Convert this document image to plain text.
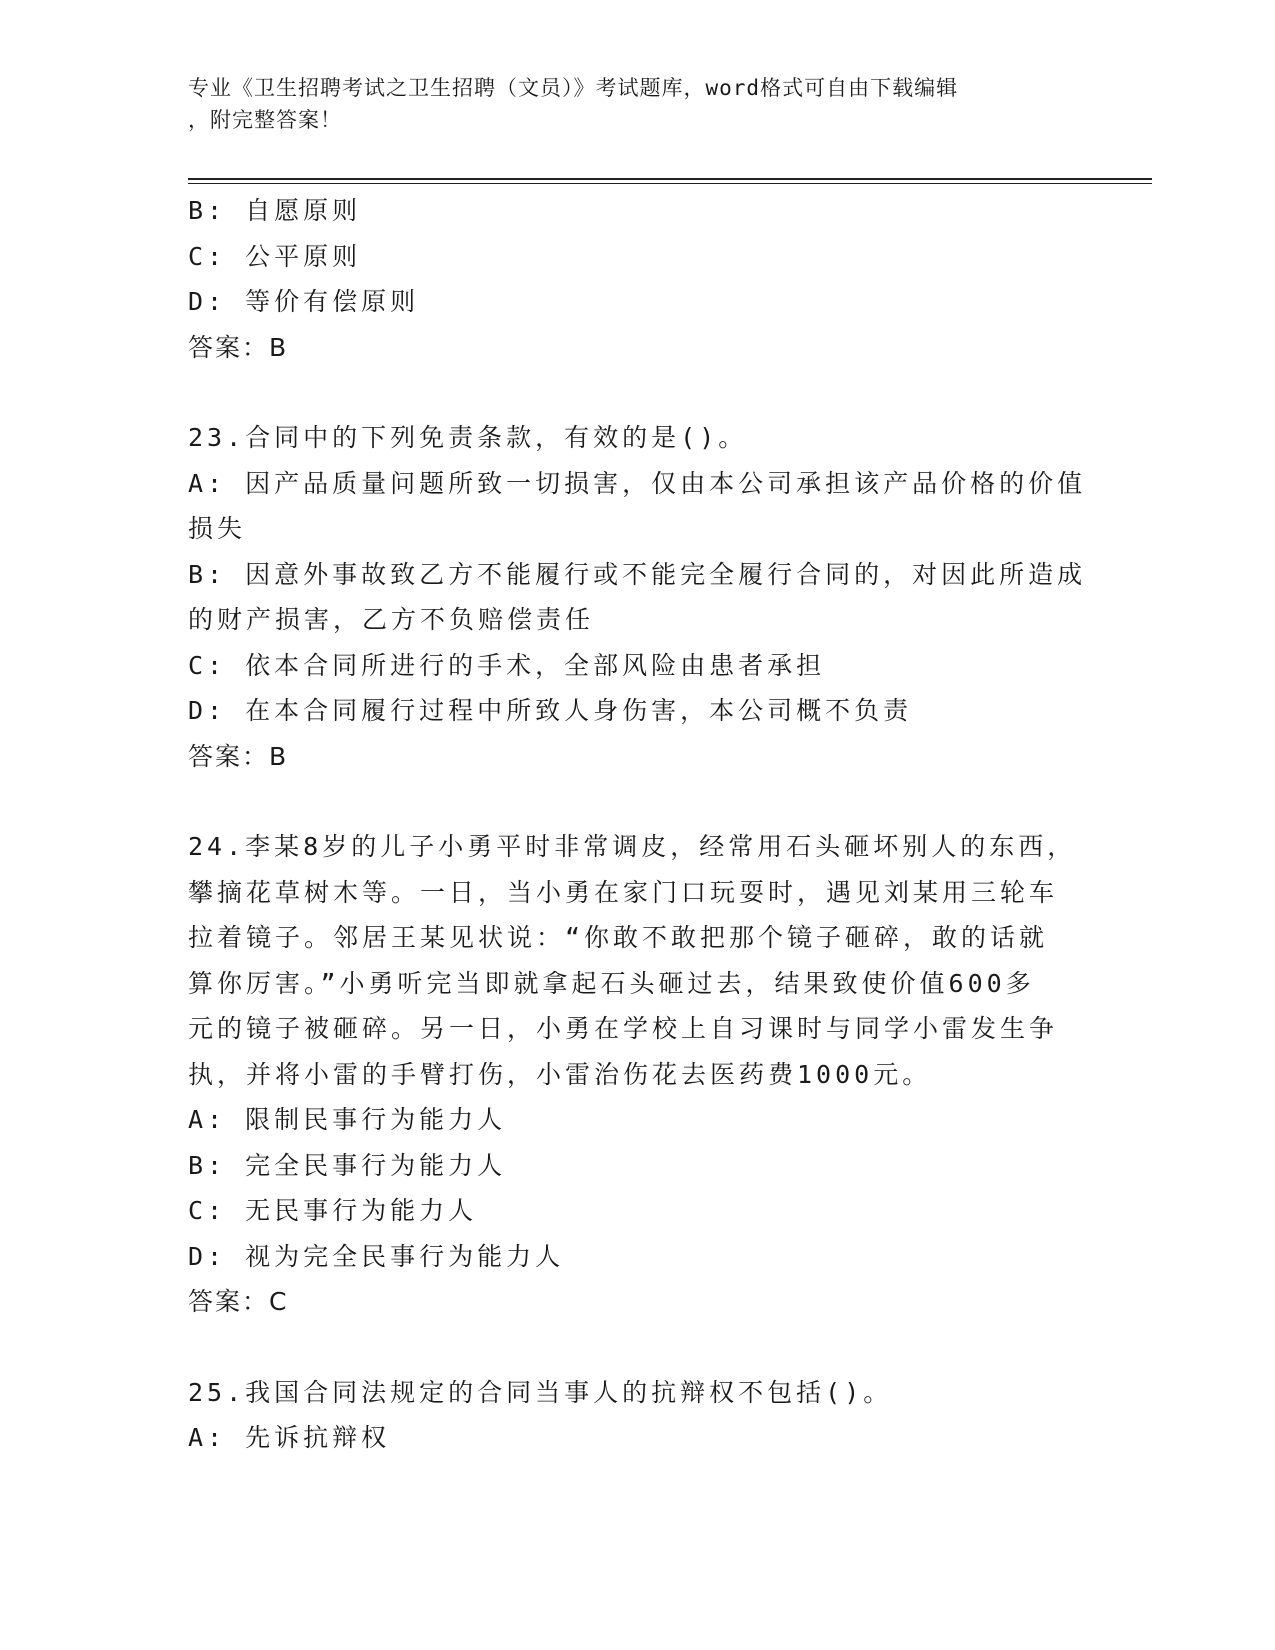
专业《卫生招聘考试之卫生招聘（文员）》考试题库，word格式可自由下载编辑
，附完整答案！
B: 自愿原则
C: 公平原则
D: 等价有偿原则
答案：B
23.合同中的下列免责条款，有效的是()。
A: 因产品质量问题所致一切损害，仅由本公司承担该产品价格的价值
损失
B: 因意外事故致乙方不能履行或不能完全履行合同的，对因此所造成
的财产损害，乙方不负赔偿责任
C: 依本合同所进行的手术，全部风险由患者承担
D: 在本合同履行过程中所致人身伤害，本公司概不负责
答案：B
24.李某8岁的儿子小勇平时非常调皮，经常用石头砸坏别人的东西，
攀摘花草树木等。一日，当小勇在家门口玩耍时，遇见刘某用三轮车
拉着镜子。邻居王某见状说：“你敢不敢把那个镜子砸碎，敢的话就
算你厉害。”小勇听完当即就拿起石头砸过去，结果致使价值600多
元的镜子被砸碎。另一日，小勇在学校上自习课时与同学小雷发生争
执，并将小雷的手臂打伤，小雷治伤花去医药费1000元。
A: 限制民事行为能力人
B: 完全民事行为能力人
C: 无民事行为能力人
D: 视为完全民事行为能力人
答案：C
25.我国合同法规定的合同当事人的抗辩权不包括()。
A: 先诉抗辩权
